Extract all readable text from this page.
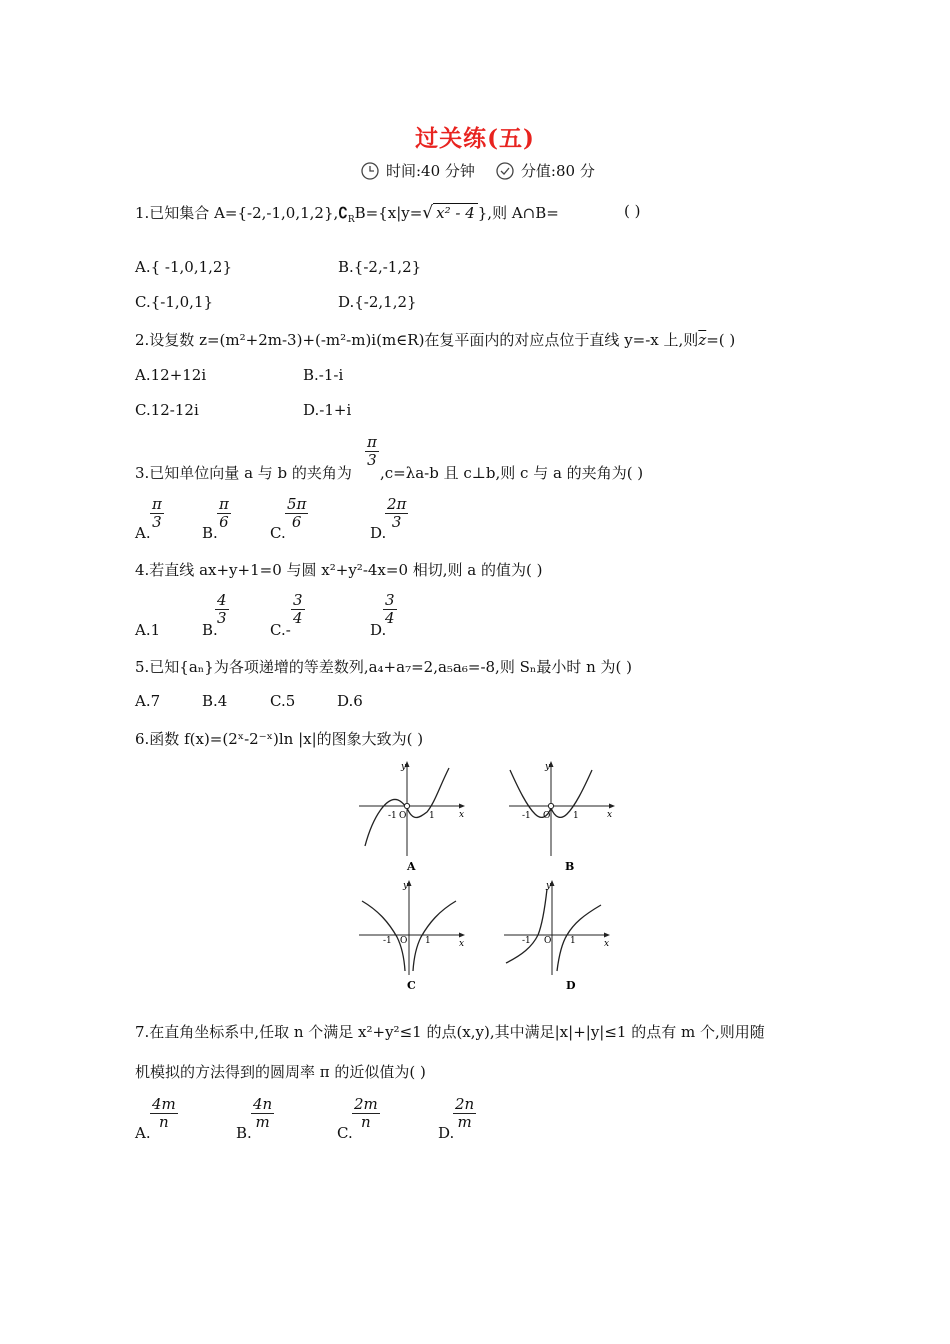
过关练(五)
时间:40 分钟	分值:80 分
1.已知集合 $A=\{-2,-1,0,1,2\},∁_RB=\{x|y=√$ x² - 4 },则 A∩B=	( )
A.{ -1,0,1,2}	B.{-2,-1,2}
C.{-1,0,1}	D.{-2,1,2}
2.设复数 z=(m²+2m-3)+(-m²-m)i(m∈R)在复平面内的对应点位于直线 y=-x 上,则$\overline{z}=$( )
A.12+12i	B.-1-i
C.12-12i	D.-1+i
3.已知单位向量 a 与 b 的夹角为
$\frac{\pi}{3}$
,c=λa-b 且 c⊥b,则 c 与 a 的夹角为( )
A.
$\frac{\pi}{3}$
B.
$\frac{\pi}{6}$
C.
$\frac{5\pi}{6}$
D.
$\frac{2\pi}{3}$
4.若直线 ax+y+1=0 与圆 x²+y²-4x=0 相切,则 a 的值为( )
A.1	B.
$\frac{4}{3}$
C.-
$\frac{3}{4}$
D.
$\frac{3}{4}$
5.已知{aₙ}为各项递增的等差数列,a₄+a₇=2,a₅a₆=-8,则 Sₙ最小时 n 为( )
A.7	B.4	C.5	D.6
6.函数 f(x)=(2ˣ-2⁻ˣ)ln |x|的图象大致为( )
y
x
-1 O	1
A
y
x
-1 O	1
B
y
x
-1 O 1
C
y
x
-1 O 1
D
7.在直角坐标系中,任取 n 个满足 x²+y²≤1 的点(x,y),其中满足|x|+|y|≤1 的点有 m 个,则用随
机模拟的方法得到的圆周率 π 的近似值为( )
A.
$\frac{4m}{n}$
B.
$\frac{4n}{m}$
C.
$\frac{2m}{n}$
D.
$\frac{2n}{m}$
